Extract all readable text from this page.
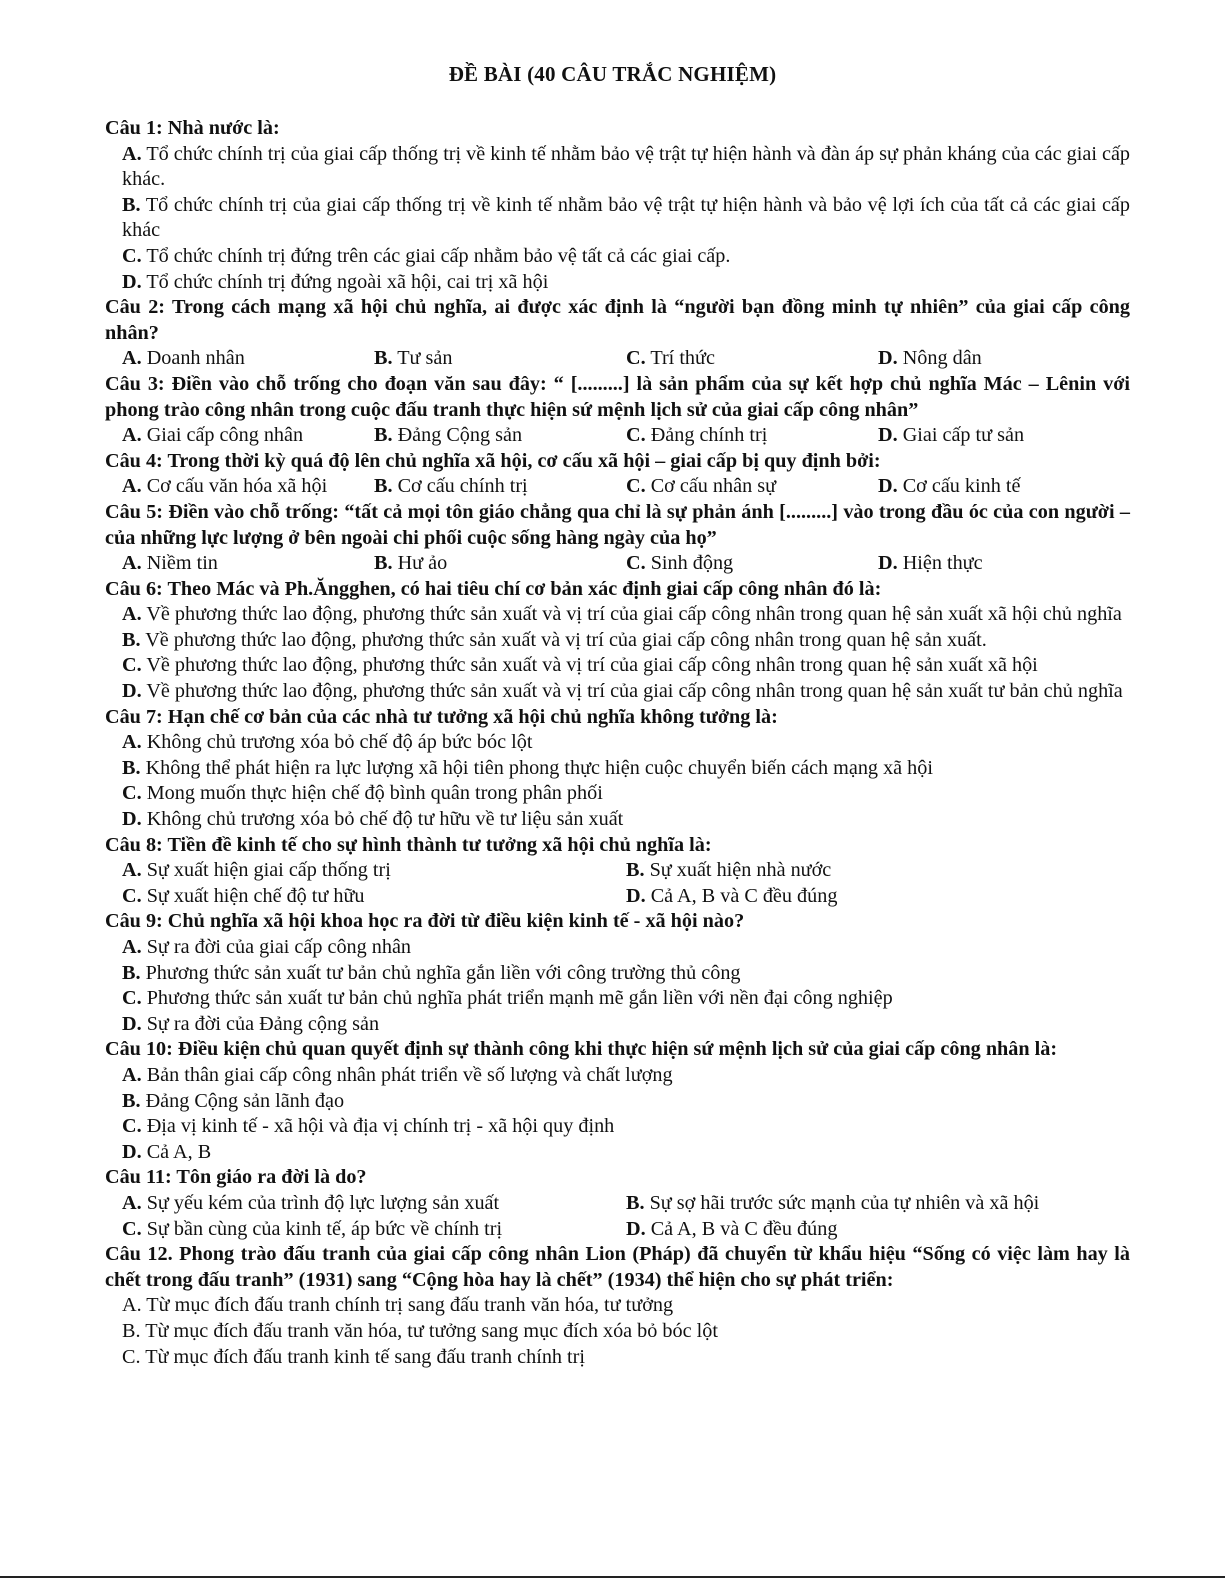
ĐỀ BÀI (40 CÂU TRẮC NGHIỆM)
Câu 1: Nhà nước là:
A. Tổ chức chính trị của giai cấp thống trị về kinh tế nhằm bảo vệ trật tự hiện hành và đàn áp sự phản kháng của các giai cấp khác.
B. Tổ chức chính trị của giai cấp thống trị về kinh tế nhằm bảo vệ trật tự hiện hành và bảo vệ lợi ích của tất cả các giai cấp khác
C. Tổ chức chính trị đứng trên các giai cấp nhằm bảo vệ tất cả các giai cấp.
D. Tổ chức chính trị đứng ngoài xã hội, cai trị xã hội
Câu 2: Trong cách mạng xã hội chủ nghĩa, ai được xác định là “người bạn đồng minh tự nhiên” của giai cấp công nhân?
A. Doanh nhân	B. Tư sản	C. Trí thức	D. Nông dân
Câu 3: Điền vào chỗ trống cho đoạn văn sau đây: “ [.........] là sản phẩm của sự kết hợp chủ nghĩa Mác – Lênin với phong trào công nhân trong cuộc đấu tranh thực hiện sứ mệnh lịch sử của giai cấp công nhân”
A. Giai cấp công nhân	B. Đảng Cộng sản	C. Đảng chính trị	D. Giai cấp tư sản
Câu 4: Trong thời kỳ quá độ lên chủ nghĩa xã hội, cơ cấu xã hội – giai cấp bị quy định bởi:
A. Cơ cấu văn hóa xã hội	B. Cơ cấu chính trị	C. Cơ cấu nhân sự	D. Cơ cấu kinh tế
Câu 5: Điền vào chỗ trống: “tất cả mọi tôn giáo chẳng qua chỉ là sự phản ánh [.........] vào trong đầu óc của con người – của những lực lượng ở bên ngoài chi phối cuộc sống hàng ngày của họ”
A. Niềm tin	B. Hư ảo	C. Sinh động	D. Hiện thực
Câu 6: Theo Mác và Ph.Ăngghen, có hai tiêu chí cơ bản xác định giai cấp công nhân đó là:
A. Về phương thức lao động, phương thức sản xuất và vị trí của giai cấp công nhân trong quan hệ sản xuất xã hội chủ nghĩa
B. Về phương thức lao động, phương thức sản xuất và vị trí của giai cấp công nhân trong quan hệ sản xuất.
C. Về phương thức lao động, phương thức sản xuất và vị trí của giai cấp công nhân trong quan hệ sản xuất xã hội
D. Về phương thức lao động, phương thức sản xuất và vị trí của giai cấp công nhân trong quan hệ sản xuất tư bản chủ nghĩa
Câu 7: Hạn chế cơ bản của các nhà tư tưởng xã hội chủ nghĩa không tưởng là:
A. Không chủ trương xóa bỏ chế độ áp bức bóc lột
B. Không thể phát hiện ra lực lượng xã hội tiên phong thực hiện cuộc chuyển biến cách mạng xã hội
C. Mong muốn thực hiện chế độ bình quân trong phân phối
D. Không chủ trương xóa bỏ chế độ tư hữu về tư liệu sản xuất
Câu 8: Tiền đề kinh tế cho sự hình thành tư tưởng xã hội chủ nghĩa là:
A. Sự xuất hiện giai cấp thống trị	B. Sự xuất hiện nhà nước
C. Sự xuất hiện chế độ tư hữu	D. Cả A, B và C đều đúng
Câu 9: Chủ nghĩa xã hội khoa học ra đời từ điều kiện kinh tế - xã hội nào?
A. Sự ra đời của giai cấp công nhân
B. Phương thức sản xuất tư bản chủ nghĩa gắn liền với công trường thủ công
C. Phương thức sản xuất tư bản chủ nghĩa phát triển mạnh mẽ gắn liền với nền đại công nghiệp
D. Sự ra đời của Đảng cộng sản
Câu 10: Điều kiện chủ quan quyết định sự thành công khi thực hiện sứ mệnh lịch sử của giai cấp công nhân là:
A. Bản thân giai cấp công nhân phát triển về số lượng và chất lượng
B. Đảng Cộng sản lãnh đạo
C. Địa vị kinh tế - xã hội và địa vị chính trị - xã hội quy định
D. Cả A, B
Câu 11: Tôn giáo ra đời là do?
A. Sự yếu kém của trình độ lực lượng sản xuất	B. Sự sợ hãi trước sức mạnh của tự nhiên và xã hội
C. Sự bần cùng của kinh tế, áp bức về chính trị	D. Cả A, B và C đều đúng
Câu 12. Phong trào đấu tranh của giai cấp công nhân Lion (Pháp) đã chuyển từ khẩu hiệu “Sống có việc làm hay là chết trong đấu tranh” (1931) sang “Cộng hòa hay là chết” (1934) thể hiện cho sự phát triển:
A. Từ mục đích đấu tranh chính trị sang đấu tranh văn hóa, tư tưởng
B. Từ mục đích đấu tranh văn hóa, tư tưởng sang mục đích xóa bỏ bóc lột
C. Từ mục đích đấu tranh kinh tế sang đấu tranh chính trị
